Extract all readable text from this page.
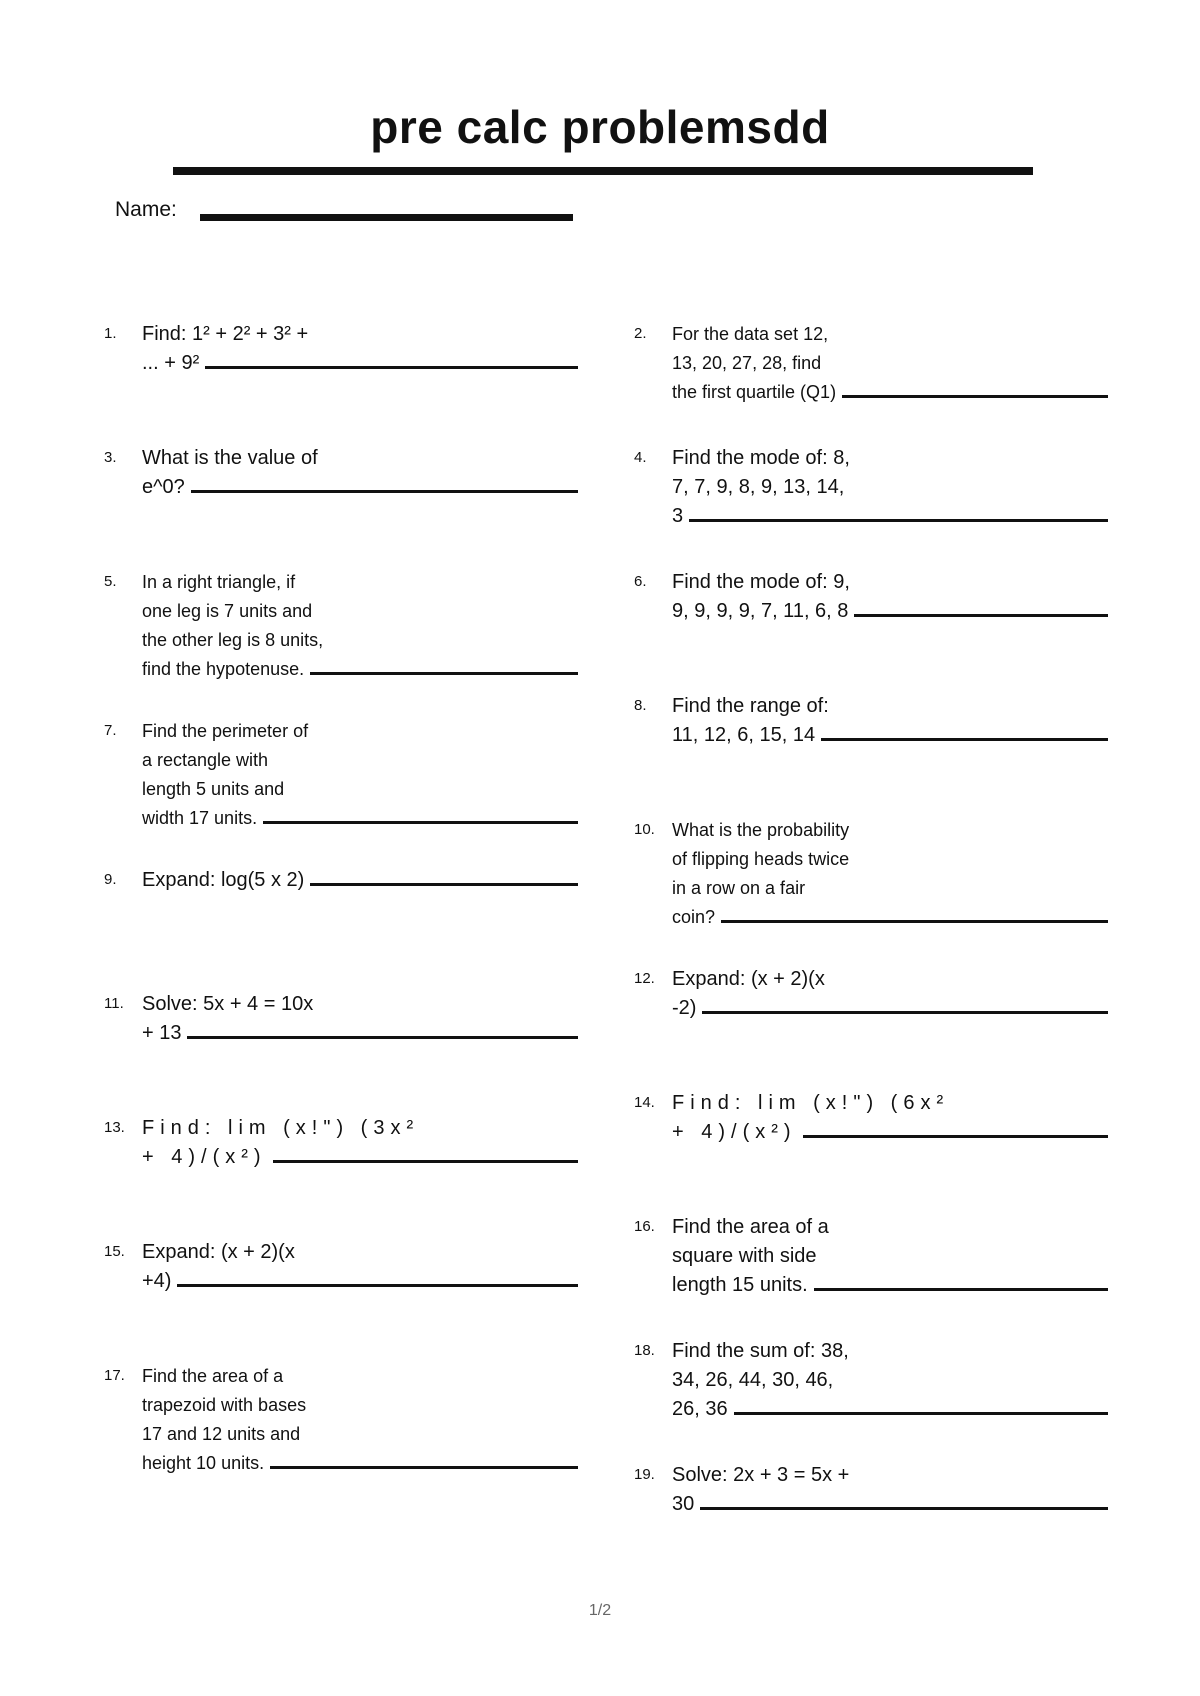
pre calc problemsdd
Name:
1. Find: 1² + 2² + 3² +
... + 9²
2. For the data set 12,
13, 20, 27, 28, find
the first quartile (Q1)
3. What is the value of
e^0?
4. Find the mode of: 8,
7, 7, 9, 8, 9, 13, 14,
3
5. In a right triangle, if
one leg is 7 units and
the other leg is 8 units,
find the hypotenuse.
6. Find the mode of: 9,
9, 9, 9, 9, 7, 11, 6, 8
7. Find the perimeter of
a rectangle with
length 5 units and
width 17 units.
8. Find the range of:
11, 12, 6, 15, 14
9. Expand: log(5 x 2)
10. What is the probability
of flipping heads twice
in a row on a fair
coin?
11. Solve: 5x + 4 = 10x
+ 13
12. Expand: (x + 2)(x
-2)
13. Find: lim (x!") (3x²
+ 4)/(x²)
14. Find: lim (x!") (6x²
+ 4)/(x²)
15. Expand: (x + 2)(x
+4)
16. Find the area of a
square with side
length 15 units.
17. Find the area of a
trapezoid with bases
17 and 12 units and
height 10 units.
18. Find the sum of: 38,
34, 26, 44, 30, 46,
26, 36
19. Solve: 2x + 3 = 5x +
30
1/2
